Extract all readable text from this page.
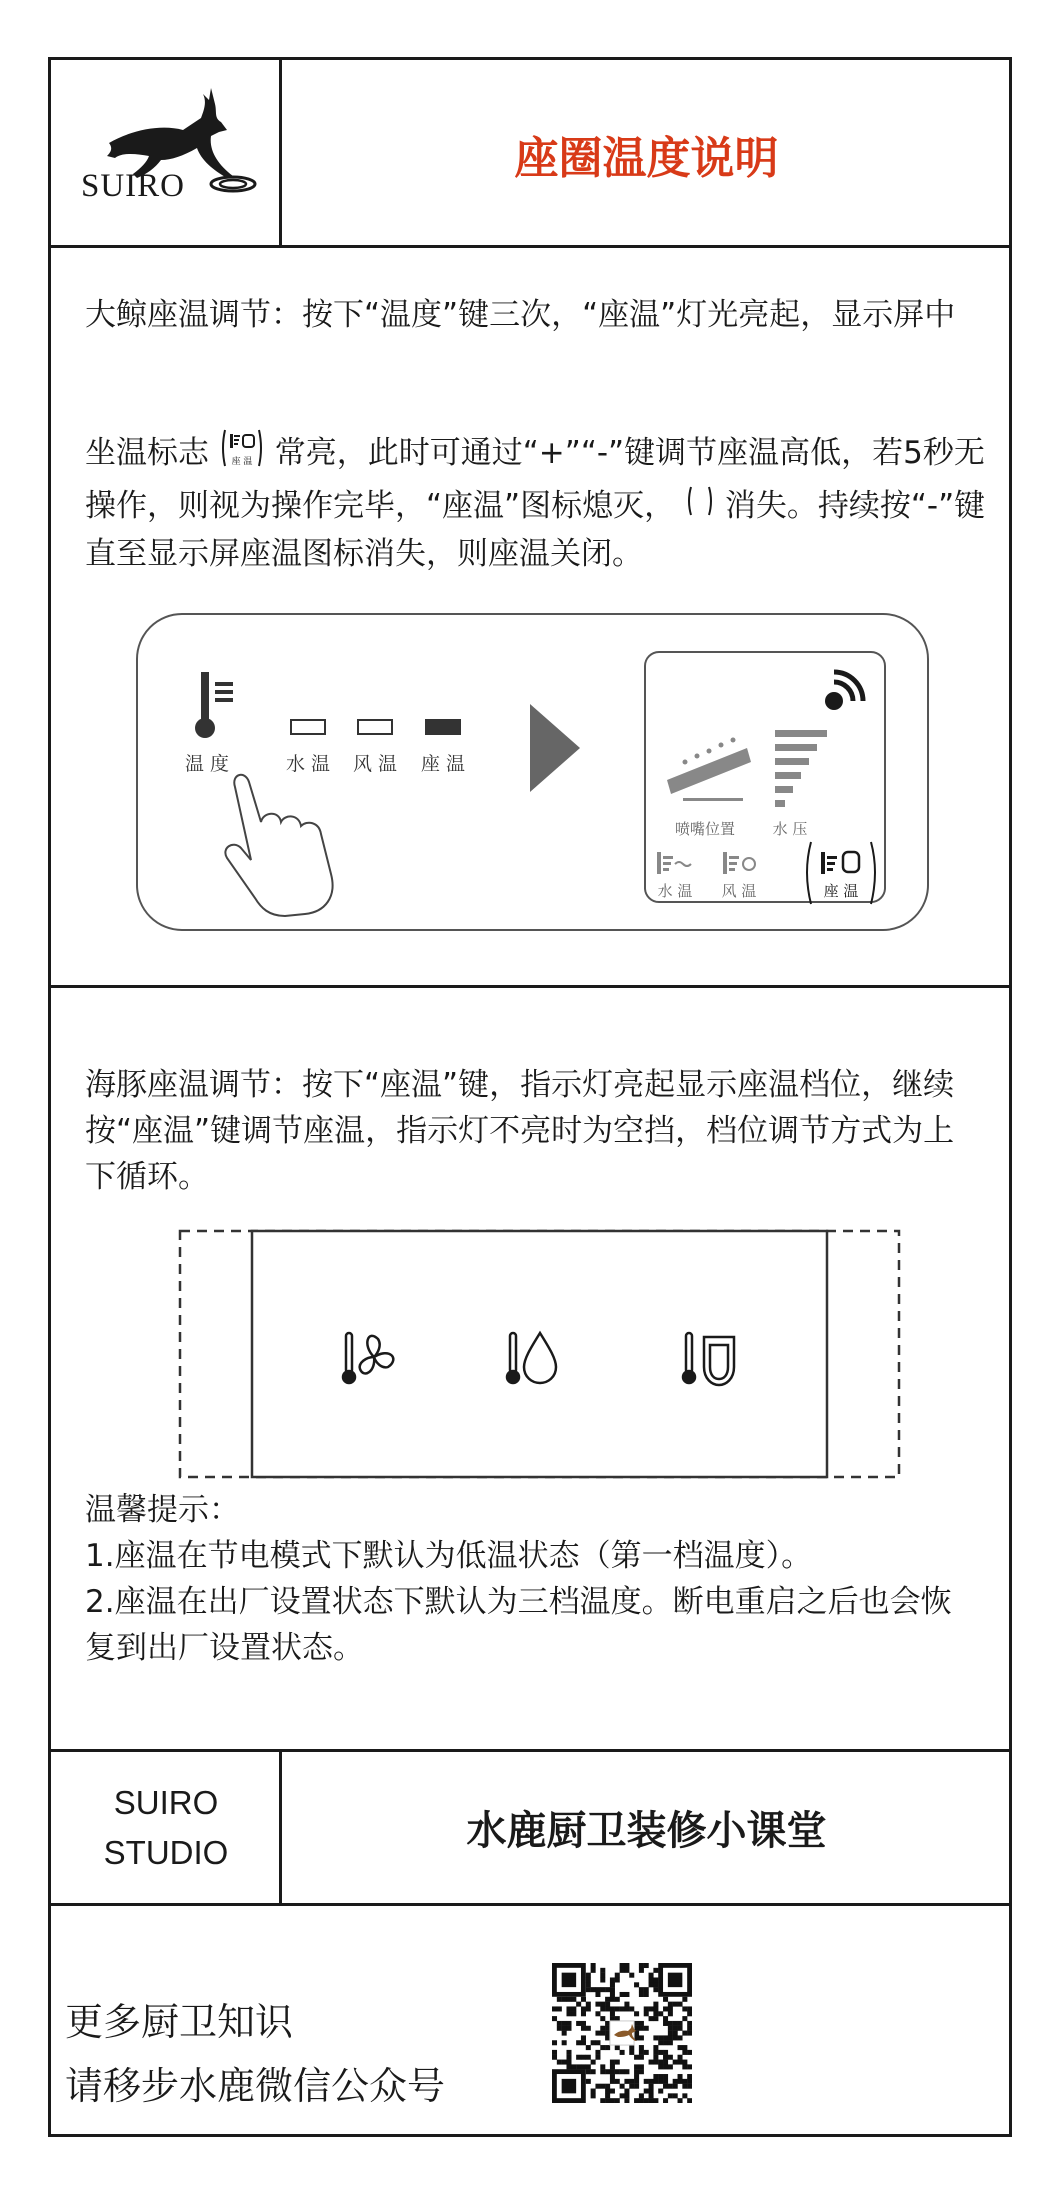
SUIRO
座圈温度说明

大鲸座温调节：按下“温度”键三次，“座温”灯光亮起，显示屏中

坐温标志 座 温 常亮，此时可通过“+”“-”键调节座温高低，若5秒无操作，则视为操作完毕，“座温”图标熄灭， 消失。持续按“-”键直至显示屏座温图标消失，则座温关闭。

温 度	水 温 风 温 座 温
喷嘴位置	水 压
水 温 风 温	座 温

海豚座温调节：按下“座温”键，指示灯亮起显示座温档位，继续按“座温”键调节座温，指示灯不亮时为空挡，档位调节方式为上下循环。

温馨提示：

1.座温在节电模式下默认为低温状态（第一档温度）。

2.座温在出厂设置状态下默认为三档温度。断电重启之后也会恢复到出厂设置状态。

SUIRO
STUDIO	水鹿厨卫装修小课堂
更多厨卫知识
请移步水鹿微信公众号
